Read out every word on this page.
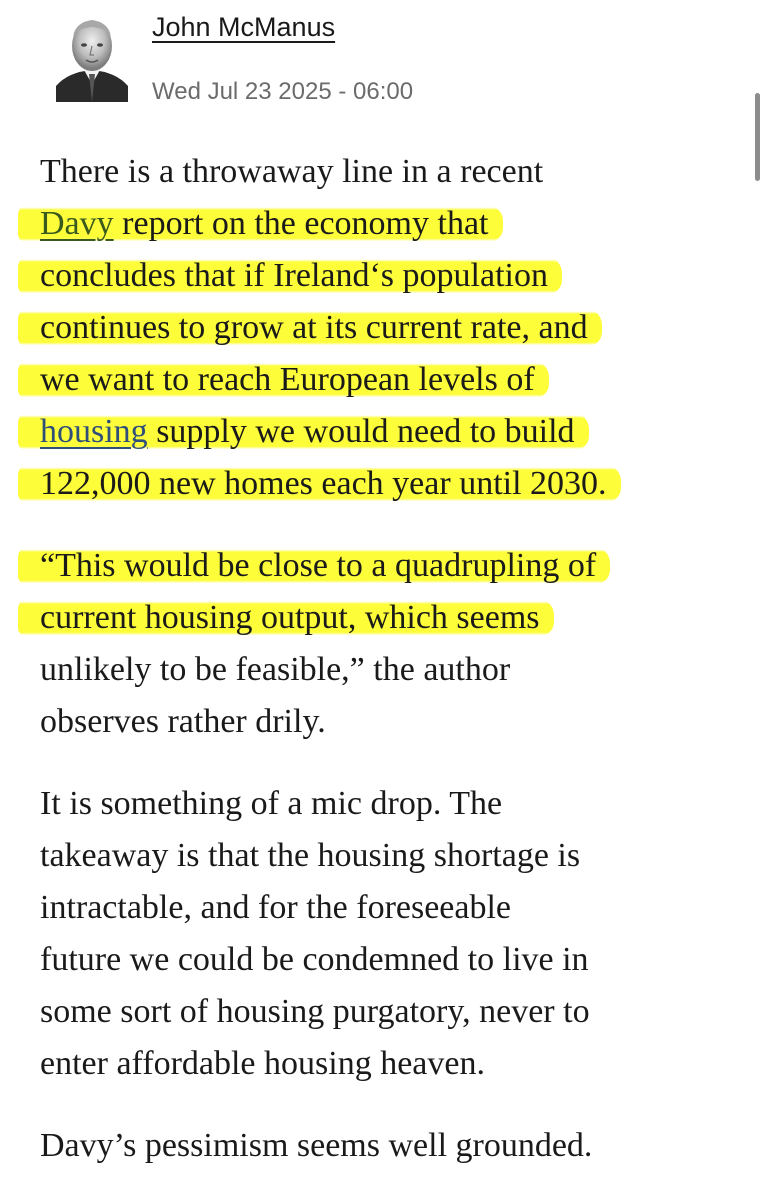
John McManus
Wed Jul 23 2025 - 06:00

There is a throwaway line in a recent
Davy report on the economy that
concludes that if Ireland‘s population
continues to grow at its current rate, and
we want to reach European levels of
housing supply we would need to build
122,000 new homes each year until 2030.

“This would be close to a quadrupling of
current housing output, which seems
unlikely to be feasible,” the author
observes rather drily.

It is something of a mic drop. The
takeaway is that the housing shortage is
intractable, and for the foreseeable
future we could be condemned to live in
some sort of housing purgatory, never to
enter affordable housing heaven.

Davy’s pessimism seems well grounded.
